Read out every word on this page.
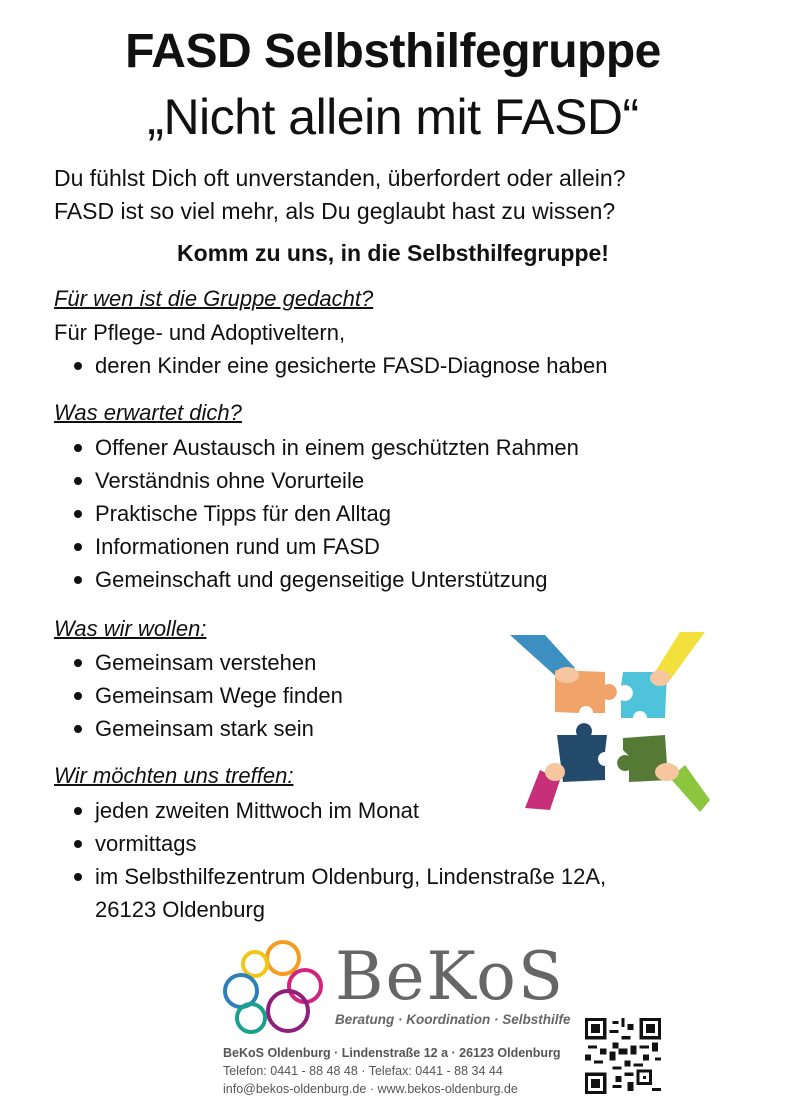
FASD Selbsthilfegruppe
„Nicht allein mit FASD“
Du fühlst Dich oft unverstanden, überfordert oder allein?
FASD ist so viel mehr, als Du geglaubt hast zu wissen?
Komm zu uns, in die Selbsthilfegruppe!
Für wen ist die Gruppe gedacht?
Für Pflege- und Adoptiveltern,
deren Kinder eine gesicherte FASD-Diagnose haben
Was erwartet dich?
Offener Austausch in einem geschützten Rahmen
Verständnis ohne Vorurteile
Praktische Tipps für den Alltag
Informationen rund um FASD
Gemeinschaft und gegenseitige Unterstützung
Was wir wollen:
Gemeinsam verstehen
Gemeinsam Wege finden
Gemeinsam stark sein
Wir möchten uns treffen:
jeden zweiten Mittwoch im Monat
vormittags
im Selbsthilfezentrum Oldenburg, Lindenstraße 12A,
26123 Oldenburg
BeKoS
Beratung · Koordination · Selbsthilfe
BeKoS Oldenburg · Lindenstraße 12 a · 26123 Oldenburg
Telefon: 0441 - 88 48 48 · Telefax: 0441 - 88 34 44
info@bekos-oldenburg.de · www.bekos-oldenburg.de
